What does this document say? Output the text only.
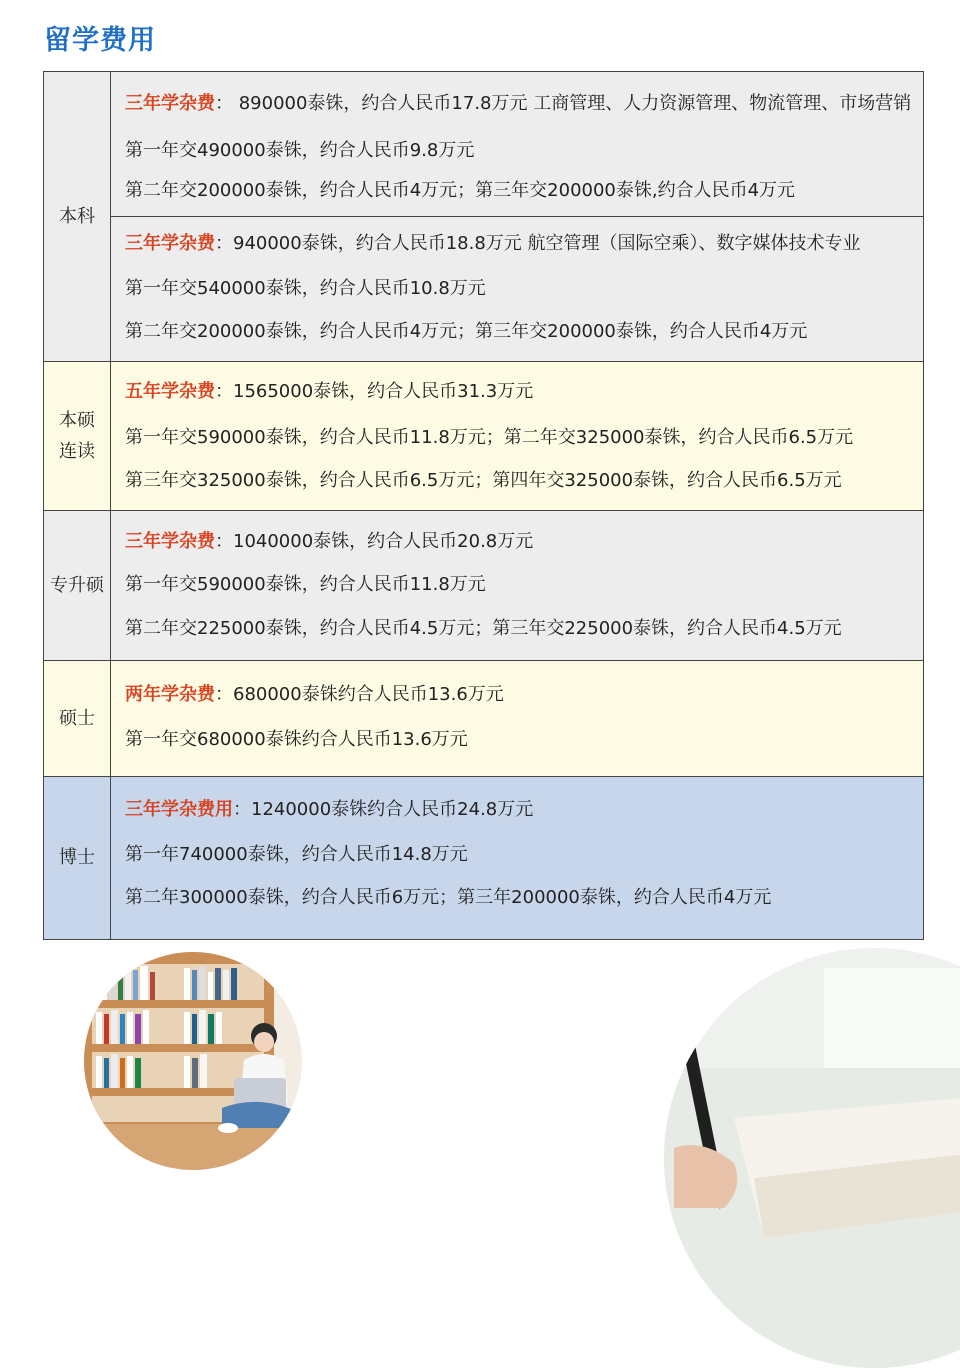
留学费用
本科
三年学杂费： 890000泰铢，约合人民币17.8万元 工商管理、人力资源管理、物流管理、市场营销
第一年交490000泰铢，约合人民币9.8万元
第二年交200000泰铢，约合人民币4万元；第三年交200000泰铢,约合人民币4万元
三年学杂费：940000泰铢，约合人民币18.8万元 航空管理（国际空乘）、数字媒体技术专业
第一年交540000泰铢，约合人民币10.8万元
第二年交200000泰铢，约合人民币4万元；第三年交200000泰铢，约合人民币4万元
本硕
连读
五年学杂费：1565000泰铢，约合人民币31.3万元
第一年交590000泰铢，约合人民币11.8万元；第二年交325000泰铢，约合人民币6.5万元
第三年交325000泰铢，约合人民币6.5万元；第四年交325000泰铢，约合人民币6.5万元
专升硕
三年学杂费：1040000泰铢，约合人民币20.8万元
第一年交590000泰铢，约合人民币11.8万元
第二年交225000泰铢，约合人民币4.5万元；第三年交225000泰铢，约合人民币4.5万元
硕士
两年学杂费：680000泰铢约合人民币13.6万元
第一年交680000泰铢约合人民币13.6万元
博士
三年学杂费用：1240000泰铢约合人民币24.8万元
第一年740000泰铢，约合人民币14.8万元
第二年300000泰铢，约合人民币6万元；第三年200000泰铢，约合人民币4万元
